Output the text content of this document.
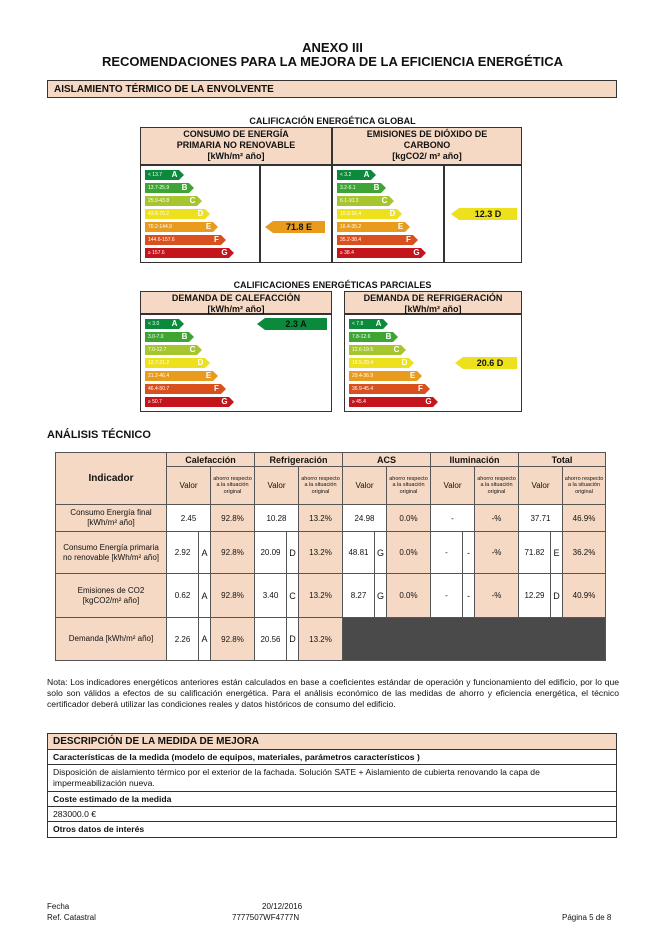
ANEXO III
RECOMENDACIONES PARA LA MEJORA DE LA EFICIENCIA ENERGÉTICA
AISLAMIENTO TÉRMICO DE LA ENVOLVENTE
CALIFICACIÓN ENERGÉTICA GLOBAL
CONSUMO DE ENERGÍA
PRIMARIA NO RENOVABLE
[kWh/m² año]
< 13.7 A
13.7-25.9 B
25.9-43.8	C
43.8-70.2	D
70.2-144.9	E
144.6-157.6	F
≥ 157.6	G
71.8 E
EMISIONES DE DIÓXIDO DE
CARBONO
[kgCO2/ m² año]
< 3.2 A
3.2-6.1 B
6.1-10.3	C
10.3-16.4	D
16.4-35.2	E
35.2-38.4	F
≥ 38.4	G
12.3 D
CALIFICACIONES ENERGÉTICAS PARCIALES
DEMANDA DE CALEFACCIÓN
[kWh/m² año]
< 3.0 A
3.0-7.0 B
7.0-12.7	C
12.7-21.2	D
21.2-46.4	E
46.4-50.7	F
≥ 50.7	G
2.3 A
DEMANDA DE REFRIGERACIÓN
[kWh/m² año]
< 7.8 A
7.8-12.6 B
12.6-19.5	C
19.5-29.4	D
29.4-36.9	E
36.9-45.4	F
≥ 45.4	G
20.6 D
ANÁLISIS TÉCNICO
Indicador	Calefacción			Refrigeración			ACS			Iluminación			Total		
	Valor		ahorro respecto a la situación original	Valor		ahorro respecto a la situación original	Valor		ahorro respecto a la situación original	Valor		ahorro respecto a la situación original	Valor		ahorro respecto a la situación original
Consumo Energía final [kWh/m² año]	2.45		92.8%	10.28		13.2%	24.98		0.0%	-		-%	37.71		46.9%
Consumo Energía primaria no renovable [kWh/m² año]	2.92	A	92.8%	20.09	D	13.2%	48.81	G	0.0%	-	-	-%	71.82	E	36.2%
Emisiones de CO2 [kgCO2/m² año]	0.62	A	92.8%	3.40	C	13.2%	8.27	G	0.0%	-	-	-%	12.29	D	40.9%
Demanda [kWh/m² año]	2.26	A	92.8%	20.56	D	13.2%									
Nota: Los indicadores energéticos anteriores están calculados en base a coeficientes estándar de operación y funcionamiento del edificio, por lo que solo son válidos a efectos de su calificación energética. Para el análisis económico de las medidas de ahorro y eficiencia energética, el técnico certificador deberá utilizar las condiciones reales y datos históricos de consumo del edificio.
DESCRIPCIÓN DE LA MEDIDA DE MEJORA
Características de la medida (modelo de equipos, materiales, parámetros característicos )
Disposición de aislamiento térmico por el exterior de la fachada. Solución SATE + Aislamiento de cubierta renovando la capa de impermeabilización nueva.
Coste estimado de la medida
283000.0 €
Otros datos de interés
Fecha
Ref. Catastral
20/12/2016
7777507WF4777N	Página 5 de 8
